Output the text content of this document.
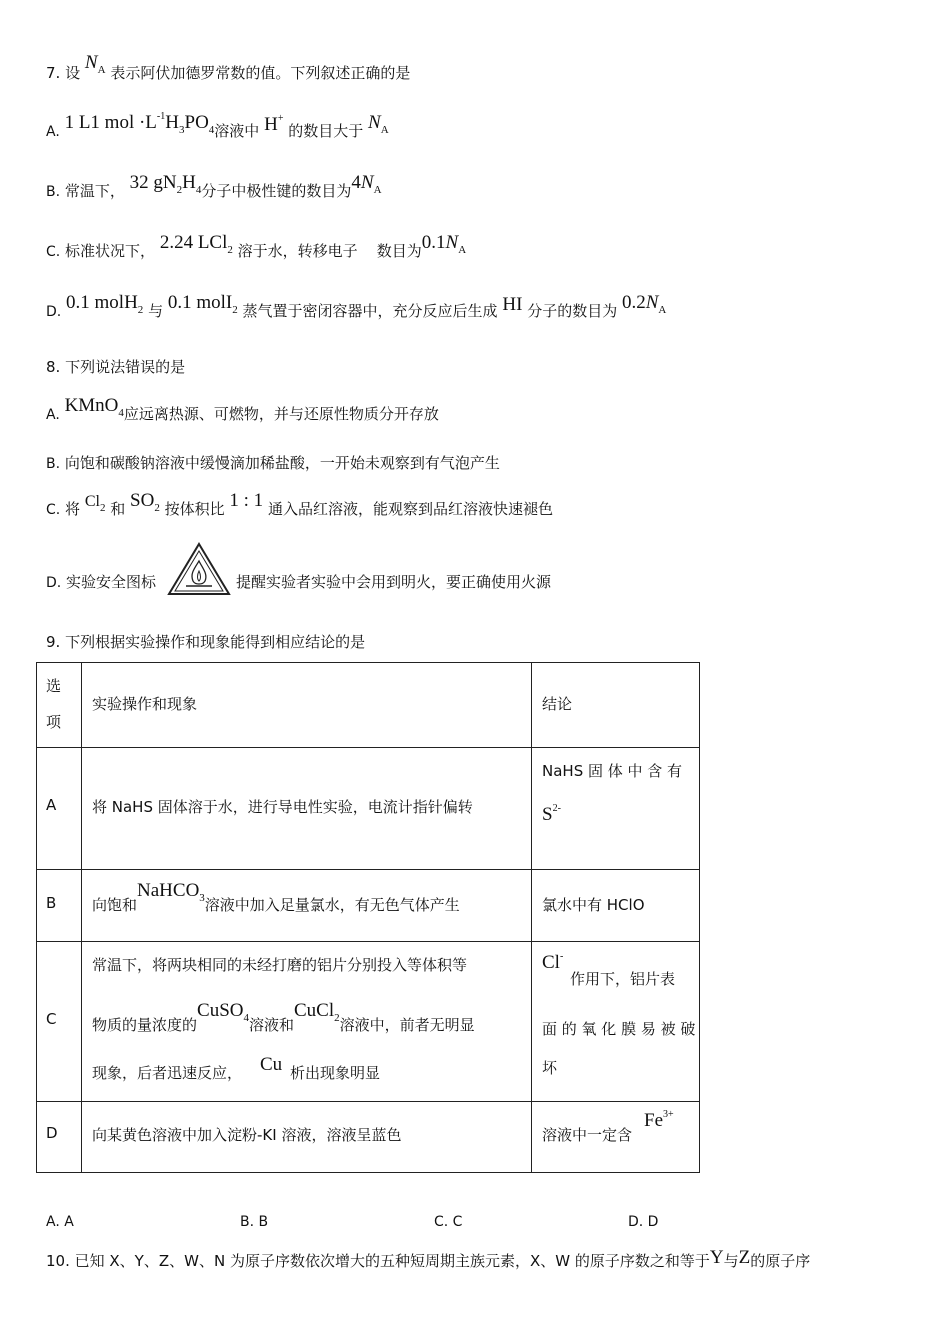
7. 设 $N_A$ 表示阿伏加德罗常数的值。下列叙述正确的是
A. 1 L1 mol $\cdot L^{-1}H_3PO_4$溶液中 H+ 的数目大于 $N_A$
B. 常温下， 32 $gN_2H_4$分子中极性键的数目为$4N_A$
C. 标准状况下， 2.24 LCl$_2$ 溶于水，转移电子 数目为$0.1N_A$
D. 0.1 molH$_2$ 与 0.1 molI$_2$ 蒸气置于密闭容器中，充分反应后生成 HI 分子的数目为 $0.2N_A$
8. 下列说法错误的是
A. KMnO$_4$应远离热源、可燃物，并与还原性物质分开存放
B. 向饱和碳酸钠溶液中缓慢滴加稀盐酸，一开始未观察到有气泡产生
C. 将 $Cl_2$ 和 $SO_2$ 按体积比 1 : 1 通入品红溶液，能观察到品红溶液快速褪色
D. 实验安全图标	提醒实验者实验中会用到明火，要正确使用火源
9. 下列根据实验操作和现象能得到相应结论的是
选
项	实验操作和现象	结论

A	将 NaHS 固体溶于水，进行导电性实验，电流计指针偏转	NaHS 固 体 中 含 有
$S^{2-}$

B	向饱和NaHCO$_3$溶液中加入足量氯水，有无色气体产生	氯水中有 HClO

C	常温下，将两块相同的未经打磨的铝片分别投入等体积等
物质的量浓度的CuSO$_4$溶液和CuCl$_2$溶液中，前者无明显
现象，后者迅速反应， Cu 析出现象明显	Cl-
作用下，铝片表
面 的 氧 化 膜 易 被 破
坏

D	向某黄色溶液中加入淀粉-KI 溶液，溶液呈蓝色	溶液中一定含
$Fe^{3+}$
A. A	B. B	C. C	D. D
10. 已知 X、Y、Z、W、N 为原子序数依次增大的五种短周期主族元素，X、W 的原子序数之和等于Y与Z的原子序
